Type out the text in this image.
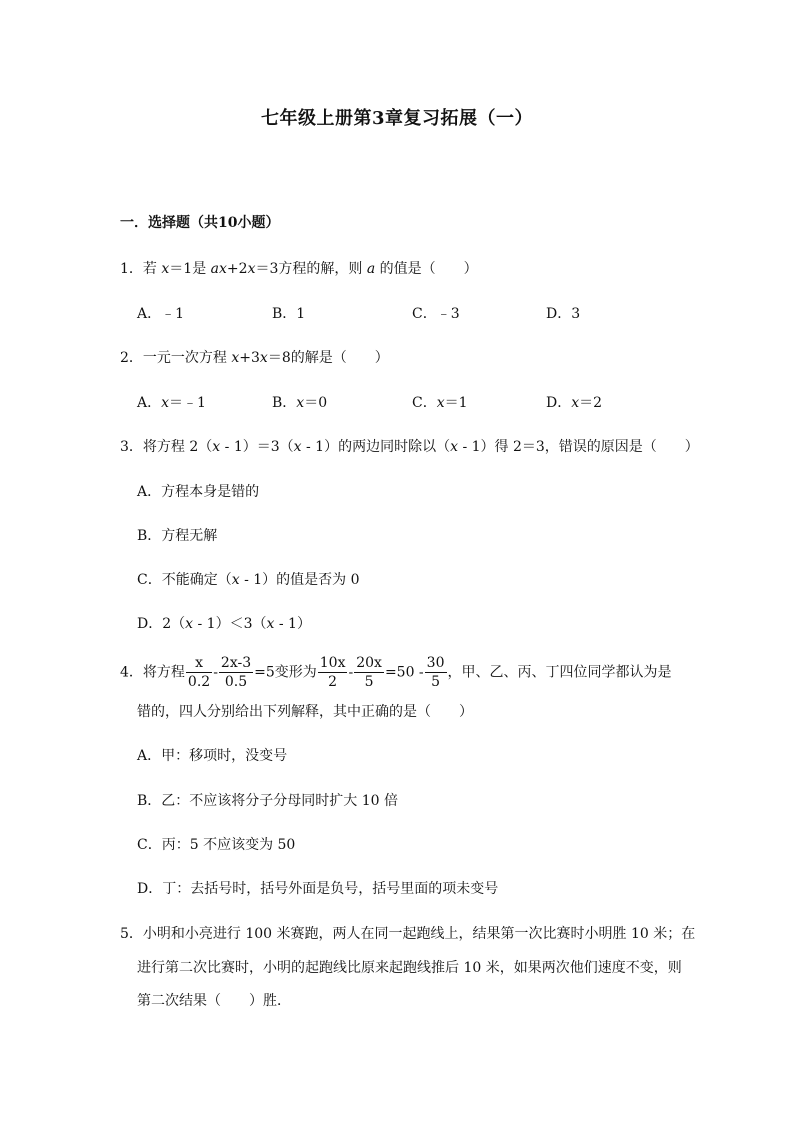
七年级上册第3章复习拓展（一）
一．选择题（共10小题）
1．若 x＝1是 ax+2x＝3方程的解，则 a 的值是（　　）
A．﹣1	B．1	C．﹣3	D．3
2．一元一次方程 x+3x＝8的解是（　　）
A．x＝﹣1	B．x＝0	C．x＝1	D．x＝2
3．将方程 2（x - 1）＝3（x - 1）的两边同时除以（x - 1）得 2＝3，错误的原因是（　　）
A．方程本身是错的
B．方程无解
C．不能确定（x - 1）的值是否为 0
D．2（x - 1）＜3（x - 1）
4．将方程 $\frac{x}{0.2} - \frac{2x-3}{0.5} =5$变形为 $\frac{10x}{2} - \frac{20x}{5} =50 - \frac{30}{5}$ ，甲、乙、丙、丁四位同学都认为是
错的，四人分别给出下列解释，其中正确的是（　　）
A．甲：移项时，没变号
B．乙：不应该将分子分母同时扩大 10 倍
C．丙：5 不应该变为 50
D．丁：去括号时，括号外面是负号，括号里面的项未变号
5．小明和小亮进行 100 米赛跑，两人在同一起跑线上，结果第一次比赛时小明胜 10 米；在
进行第二次比赛时，小明的起跑线比原来起跑线推后 10 米，如果两次他们速度不变，则
第二次结果（　　）胜．
